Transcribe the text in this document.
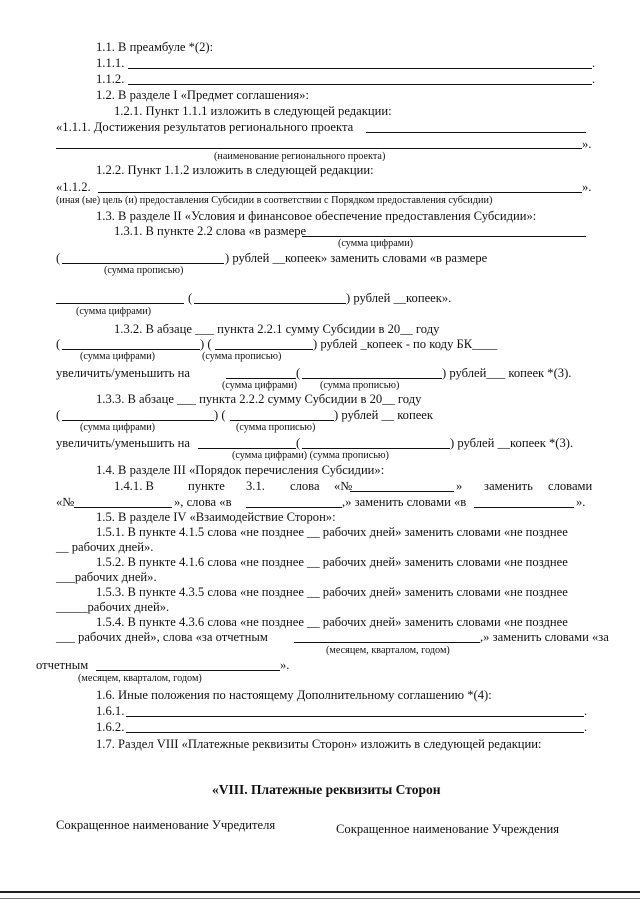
1.1. В преамбуле *(2):
1.1.1.	.
1.1.2.	.
1.2. В разделе I «Предмет соглашения»:
1.2.1. Пункт 1.1.1 изложить в следующей редакции:
«1.1.1. Достижения результатов регионального проекта
».
(наименование регионального проекта)
1.2.2. Пункт 1.1.2 изложить в следующей редакции:
«1.1.2.	».
(иная (ые) цель (и) предоставления Субсидии в соответствии с Порядком предоставления субсидии)
1.3. В разделе II «Условия и финансовое обеспечение предоставления Субсидии»:
1.3.1. В пункте 2.2 слова «в размере
(сумма цифрами)
(	) рублей __копеек» заменить словами «в размере
(сумма прописью)
(	) рублей __копеек».
(сумма цифрами)
1.3.2. В абзаце ___ пункта 2.2.1 сумму Субсидии в 20__ году
(	) (	) рублей _копеек - по коду БК____
(сумма цифрами)	(сумма прописью)
увеличить/уменьшить на	(	) рублей___ копеек *(3).
(сумма цифрами) (сумма прописью)
1.3.3. В абзаце ___ пункта 2.2.2 сумму Субсидии в 20__ году
(	) (	) рублей __ копеек
(сумма цифрами)	(сумма прописью)
увеличить/уменьшить на	(	) рублей __копеек *(3).
(сумма цифрами) (сумма прописью)
1.4. В разделе III «Порядок перечисления Субсидии»:
1.4.1. В	пункте 3.1. слова «№	» заменить словами
«№	», слова «в	,» заменить словами «в	».
1.5. В разделе IV «Взаимодействие Сторон»:
1.5.1. В пункте 4.1.5 слова «не позднее __ рабочих дней» заменить словами «не позднее
__ рабочих дней».
1.5.2. В пункте 4.1.6 слова «не позднее __ рабочих дней» заменить словами «не позднее
___рабочих дней».
1.5.3. В пункте 4.3.5 слова «не позднее __ рабочих дней» заменить словами «не позднее
_____рабочих дней».
1.5.4. В пункте 4.3.6 слова «не позднее __ рабочих дней» заменить словами «не позднее
___ рабочих дней», слова «за отчетным	,» заменить словами «за
(месяцем, кварталом, годом)
отчетным	».
(месяцем, кварталом, годом)
1.6. Иные положения по настоящему Дополнительному соглашению *(4):
1.6.1.	.
1.6.2.	.
1.7. Раздел VIII «Платежные реквизиты Сторон» изложить в следующей редакции:
«VIII. Платежные реквизиты Сторон
Сокращенное наименование Учредителя	Сокращенное наименование Учреждения
